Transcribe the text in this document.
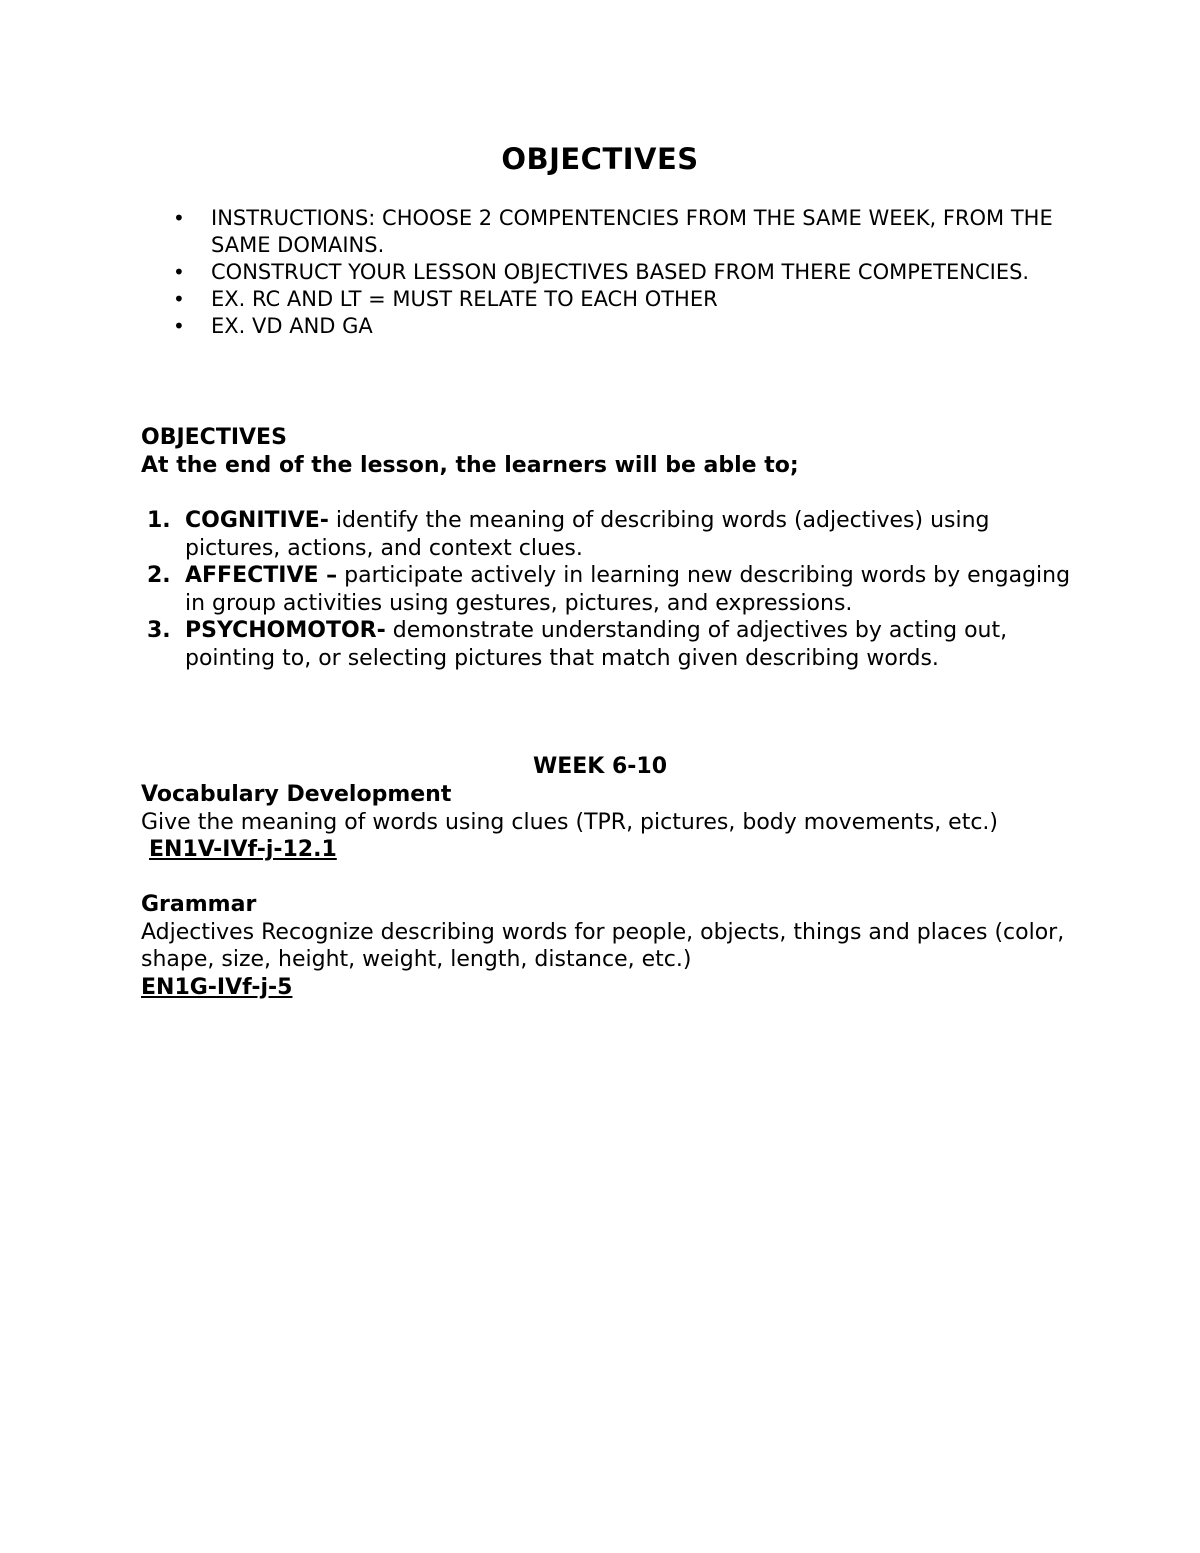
OBJECTIVES
• INSTRUCTIONS: CHOOSE 2 COMPENTENCIES FROM THE SAME WEEK, FROM THE SAME DOMAINS.
• CONSTRUCT YOUR LESSON OBJECTIVES BASED FROM THERE COMPETENCIES.
• EX. RC AND LT = MUST RELATE TO EACH OTHER
• EX. VD AND GA
OBJECTIVES
At the end of the lesson, the learners will be able to;
1. COGNITIVE- identify the meaning of describing words (adjectives) using pictures, actions, and context clues.
2. AFFECTIVE – participate actively in learning new describing words by engaging in group activities using gestures, pictures, and expressions.
3. PSYCHOMOTOR- demonstrate understanding of adjectives by acting out, pointing to, or selecting pictures that match given describing words.
WEEK 6-10
Vocabulary Development
Give the meaning of words using clues (TPR, pictures, body movements, etc.)
EN1V-IVf-j-12.1
Grammar
Adjectives Recognize describing words for people, objects, things and places (color, shape, size, height, weight, length, distance, etc.)
EN1G-IVf-j-5
